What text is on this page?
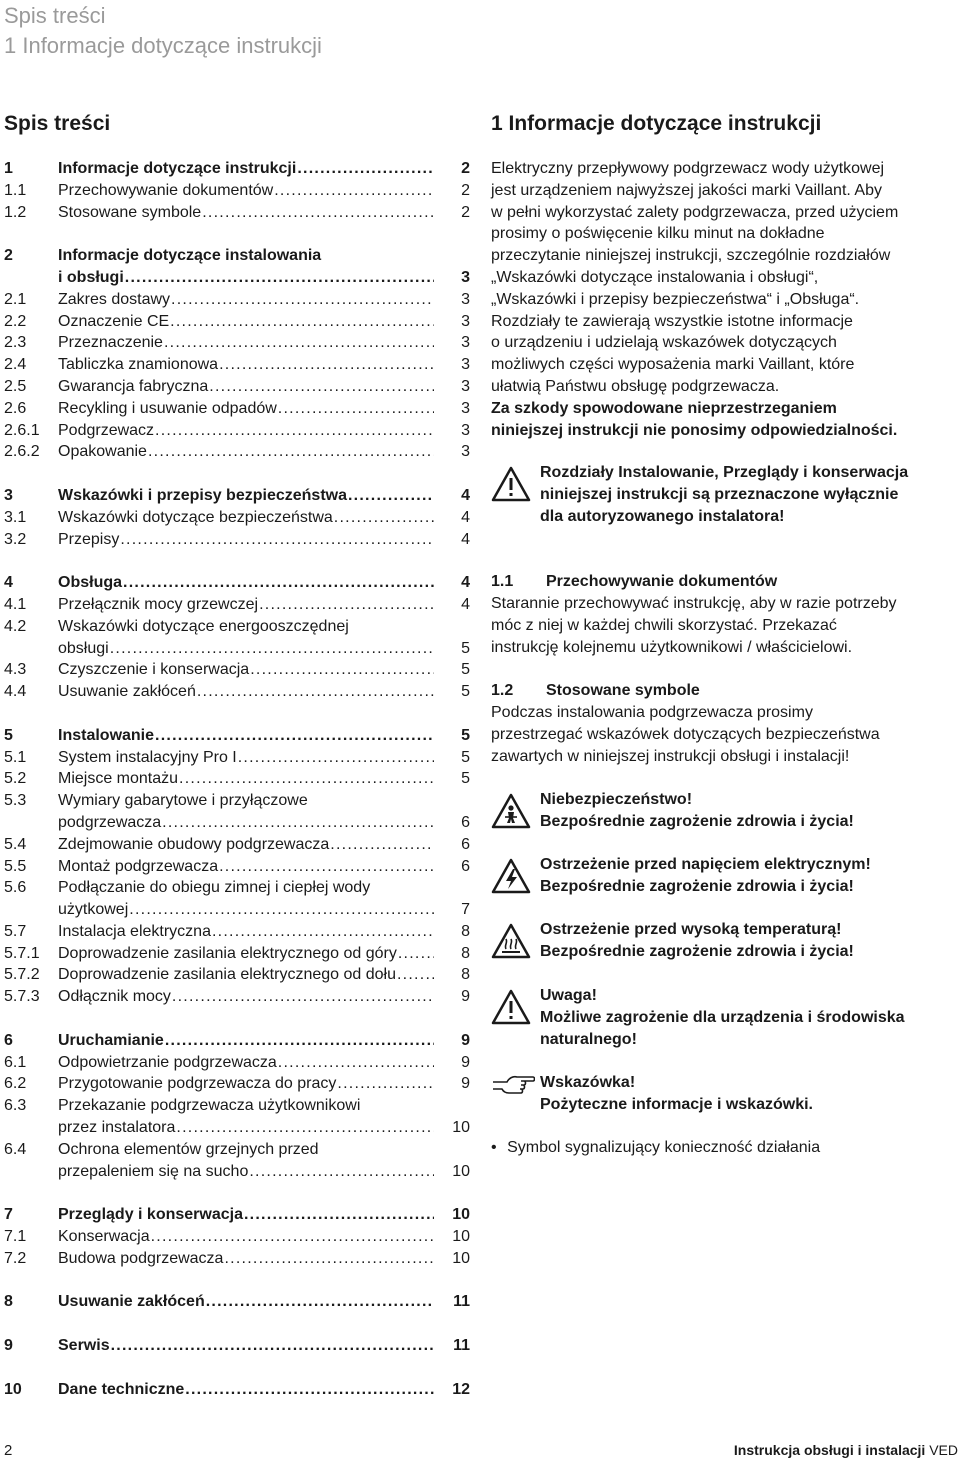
Spis treści
1 Informacje dotyczące instrukcji
Spis treści
1	Informacje dotyczące instrukcji . . .	2
1.1 Przechowywanie dokumentów . . .	2
1.2 Stosowane symbole . . .	2
2	Informacje dotyczące instalowania
i obsługi . . .	3
2.1 Zakres dostawy . . .	3
2.2 Oznaczenie CE . . .	3
2.3 Przeznaczenie . . .	3
2.4 Tabliczka znamionowa . . .	3
2.5 Gwarancja fabryczna . . .	3
2.6 Recykling i usuwanie odpadów . . .	3
2.6.1 Podgrzewacz . . .	3
2.6.2 Opakowanie . . .	3
3	Wskazówki i przepisy bezpieczeństwa . . .	4
3.1 Wskazówki dotyczące bezpieczeństwa . . .	4
3.2 Przepisy . . .	4
4	Obsługa . . .	4
4.1 Przełącznik mocy grzewczej . . .	4
4.2 Wskazówki dotyczące energooszczędnej
obsługi . . .	5
4.3 Czyszczenie i konserwacja . . .	5
4.4 Usuwanie zakłóceń . . .	5
5	Instalowanie . . .	5
5.1 System instalacyjny Pro I . . .	5
5.2 Miejsce montażu . . .	5
5.3 Wymiary gabarytowe i przyłączowe
podgrzewacza . . .	6
5.4 Zdejmowanie obudowy podgrzewacza . . .	6
5.5 Montaż podgrzewacza . . .	6
5.6 Podłączanie do obiegu zimnej i ciepłej wody
użytkowej . . .	7
5.7 Instalacja elektryczna . . .	8
5.7.1 Doprowadzenie zasilania elektrycznego od góry . . .	8
5.7.2 Doprowadzenie zasilania elektrycznego od dołu . . .	8
5.7.3 Odłącznik mocy . . .	9
6	Uruchamianie . . .	9
6.1 Odpowietrzanie podgrzewacza . . .	9
6.2 Przygotowanie podgrzewacza do pracy . . .	9
6.3 Przekazanie podgrzewacza użytkownikowi
przez instalatora . . .	10
6.4 Ochrona elementów grzejnych przed
przepaleniem się na sucho . . .	10
7	Przeglądy i konserwacja . . .	10
7.1 Konserwacja . . .	10
7.2 Budowa podgrzewacza . . .	10
8	Usuwanie zakłóceń . . .	11
9	Serwis . . .	11
10 Dane techniczne . . .	12
1 Informacje dotyczące instrukcji

Elektryczny przepływowy podgrzewacz wody użytkowej

jest urządzeniem najwyższej jakości marki Vaillant. Aby

w pełni wykorzystać zalety podgrzewacza, przed użyciem

prosimy o poświęcenie kilku minut na dokładne

przeczytanie niniejszej instrukcji, szczególnie rozdziałów

„Wskazówki dotyczące instalowania i obsługi“,

„Wskazówki i przepisy bezpieczeństwa“ i „Obsługa“.

Rozdziały te zawierają wszystkie istotne informacje

o urządzeniu i udzielają wskazówek dotyczących

możliwych części wyposażenia marki Vaillant, które

ułatwią Państwu obsługę podgrzewacza.

Za szkody spowodowane nieprzestrzeganiem

niniejszej instrukcji nie ponosimy odpowiedzialności.

Rozdziały Instalowanie, Przeglądy i konserwacja
niniejszej instrukcji są przeznaczone wyłącznie
dla autoryzowanego instalatora!
1.1 Przechowywanie dokumentów

Starannie przechowywać instrukcję, aby w razie potrzeby

móc z niej w każdej chwili skorzystać. Przekazać

instrukcję kolejnemu użytkownikowi / właścicielowi.

1.2 Stosowane symbole

Podczas instalowania podgrzewacza prosimy

przestrzegać wskazówek dotyczących bezpieczeństwa

zawartych w niniejszej instrukcji obsługi i instalacji!

Niebezpieczeństwo!
Bezpośrednie zagrożenie zdrowia i życia!
Ostrzeżenie przed napięciem elektrycznym!
Bezpośrednie zagrożenie zdrowia i życia!
Ostrzeżenie przed wysoką temperaturą!
Bezpośrednie zagrożenie zdrowia i życia!
Uwaga!
Możliwe zagrożenie dla urządzenia i środowiska
naturalnego!
Wskazówka!
Pożyteczne informacje i wskazówki.
• Symbol sygnalizujący konieczność działania
2	Instrukcja obsługi i instalacji VED
